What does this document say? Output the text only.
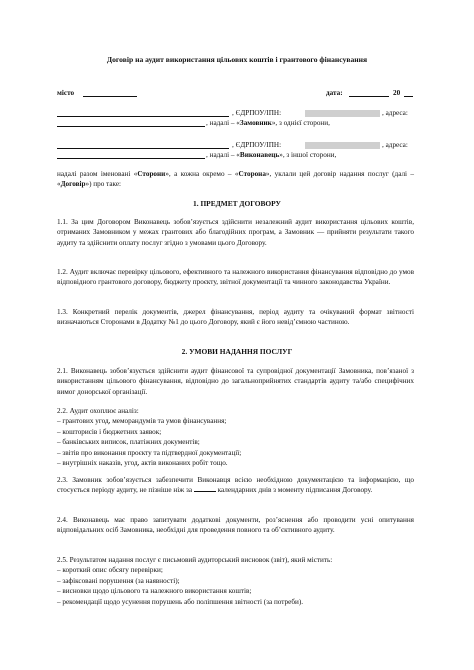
Договір на аудит використання цільових коштів і грантового фінансування
місто	дата:	20
, ЄДРПОУ/ІПН:	, адреса:
, надалі – «Замовник», з однієї сторони,
, ЄДРПОУ/ІПН:	, адреса:
, надалі – «Виконавець», з іншої сторони,

надалі разом іменовані «Сторони», а кожна окремо – «Сторона», уклали цей договір надання послуг (далі – «Договір») про таке:

1. ПРЕДМЕТ ДОГОВОРУ

1.1. За цим Договором Виконавець зобов’язується здійснити незалежний аудит використання цільових коштів, отриманих Замовником у межах грантових або благодійних програм, а Замовник — прийняти результати такого аудиту та здійснити оплату послуг згідно з умовами цього Договору.

1.2. Аудит включає перевірку цільового, ефективного та належного використання фінансування відповідно до умов відповідного грантового договору, бюджету проєкту, звітної документації та чинного законодавства України.

1.3. Конкретний перелік документів, джерел фінансування, період аудиту та очікуваний формат звітності визначаються Сторонами в Додатку №1 до цього Договору, який є його невід’ємною частиною.

2. УМОВИ НАДАННЯ ПОСЛУГ

2.1. Виконавець зобов’язується здійснити аудит фінансової та супровідної документації Замовника, пов’язаної з використанням цільового фінансування, відповідно до загальноприйнятих стандартів аудиту та/або специфічних вимог донорської організації.

2.2. Аудит охоплює аналіз:
– грантових угод, меморандумів та умов фінансування;
– кошторисів і бюджетних заявок;
– банківських виписок, платіжних документів;
– звітів про виконання проєкту та підтвердної документації;
– внутрішніх наказів, угод, актів виконаних робіт тощо.

2.3. Замовник зобов’язується забезпечити Виконавця всією необхідною документацією та інформацією, що стосується періоду аудиту, не пізніше ніж за	календарних днів з моменту підписання Договору.

2.4. Виконавець має право запитувати додаткові документи, роз’яснення або проводити усні опитування відповідальних осіб Замовника, необхідні для проведення повного та об’єктивного аудиту.

2.5. Результатом надання послуг є письмовий аудиторський висновок (звіт), який містить:
– короткий опис обсягу перевірки;
– зафіксовані порушення (за наявності);
– висновки щодо цільового та належного використання коштів;
– рекомендації щодо усунення порушень або поліпшення звітності (за потреби).
